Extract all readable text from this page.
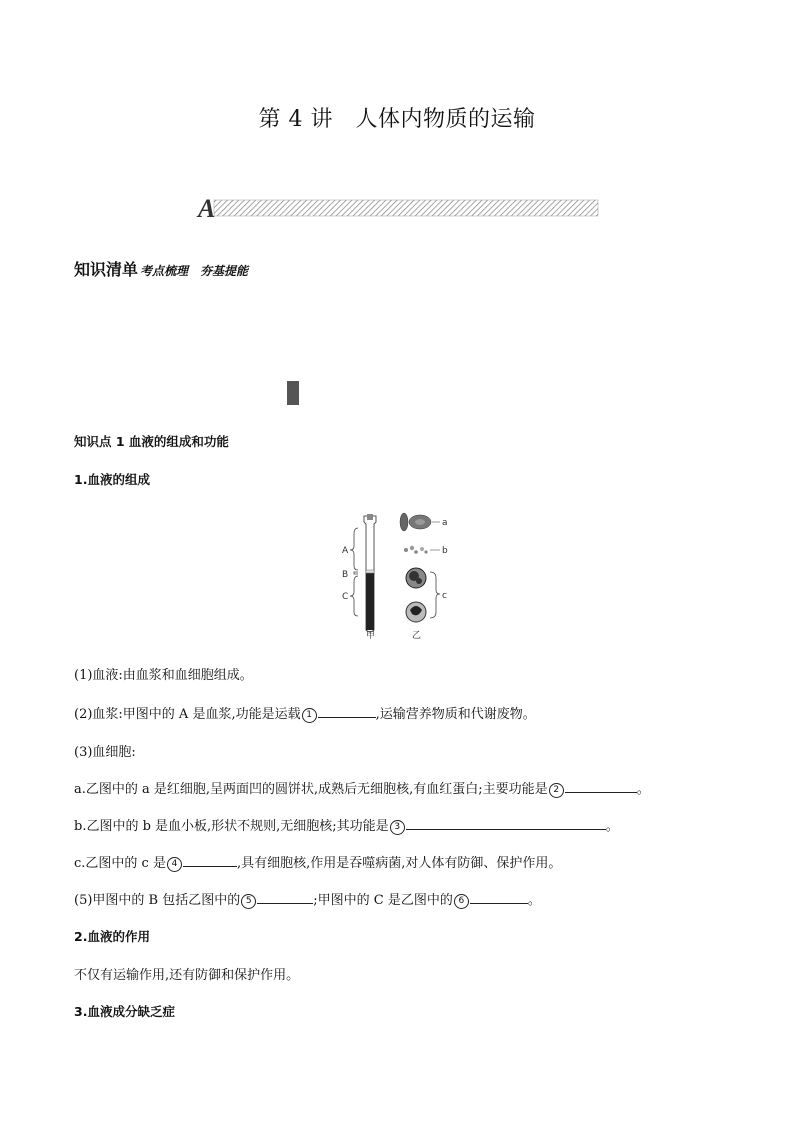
第 4 讲　人体内物质的运输
A
知识清单 考点梳理　夯基提能
知识点 1 血液的组成和功能
1.血液的组成
A
B
C
甲
a
b
c
乙
(1)血液:由血浆和血细胞组成。
(2)血浆:甲图中的 A 是血浆,功能是运载 1	,运输营养物质和代谢废物。
(3)血细胞:
a.乙图中的 a 是红细胞,呈两面凹的圆饼状,成熟后无细胞核,有血红蛋白;主要功能是 2	。
b.乙图中的 b 是血小板,形状不规则,无细胞核;其功能是 3	。
c.乙图中的 c 是 4	,具有细胞核,作用是吞噬病菌,对人体有防御、保护作用。
(5)甲图中的 B 包括乙图中的 5	;甲图中的 C 是乙图中的 6	。
2.血液的作用
不仅有运输作用,还有防御和保护作用。
3.血液成分缺乏症
